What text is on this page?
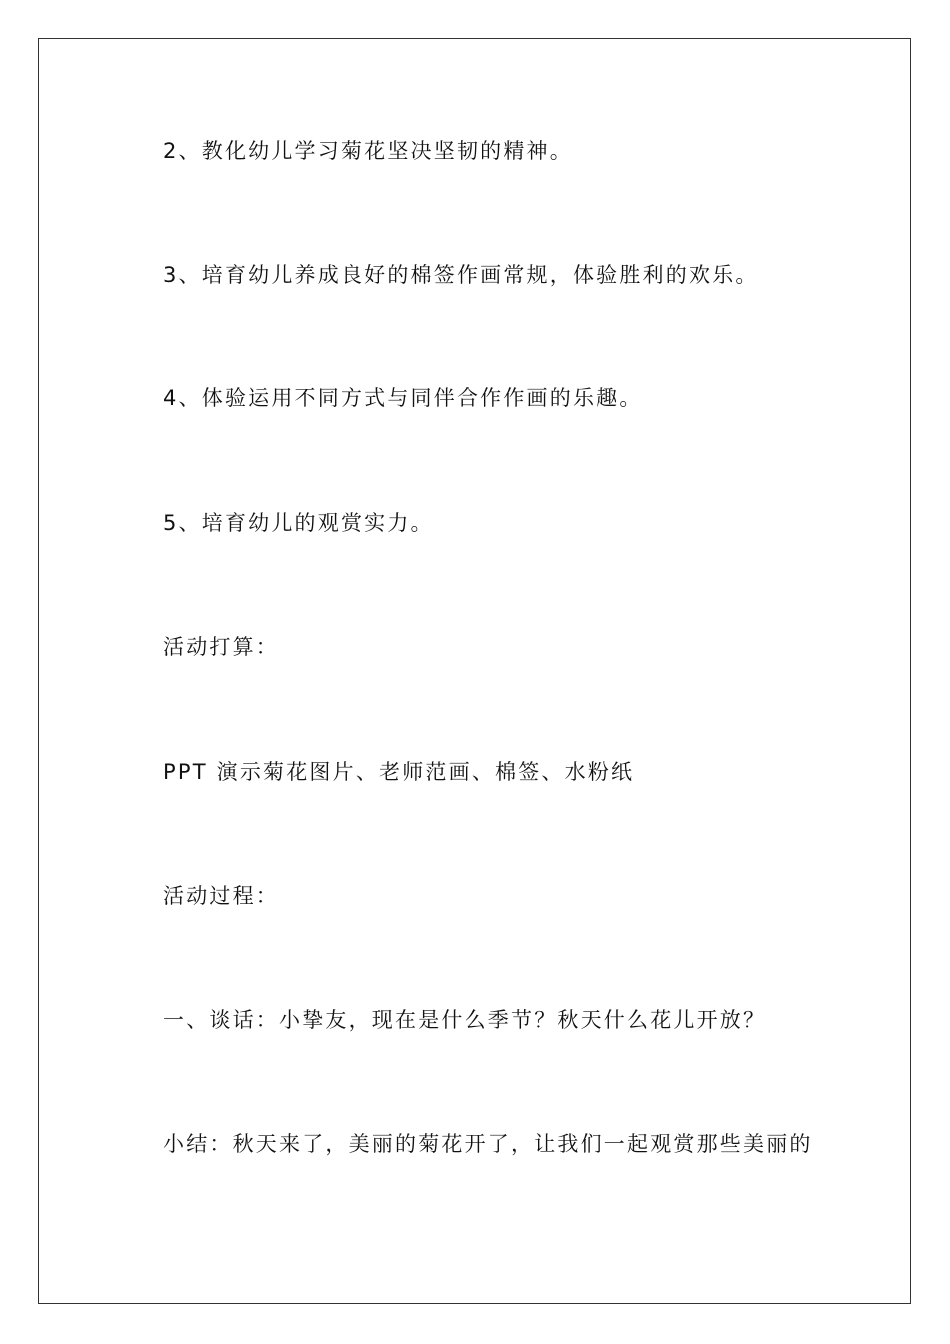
2、教化幼儿学习菊花坚决坚韧的精神。
3、培育幼儿养成良好的棉签作画常规，体验胜利的欢乐。
4、体验运用不同方式与同伴合作作画的乐趣。
5、培育幼儿的观赏实力。
活动打算：
PPT 演示菊花图片、老师范画、棉签、水粉纸
活动过程：
一、谈话：小挚友，现在是什么季节？秋天什么花儿开放？
小结：秋天来了，美丽的菊花开了，让我们一起观赏那些美丽的
